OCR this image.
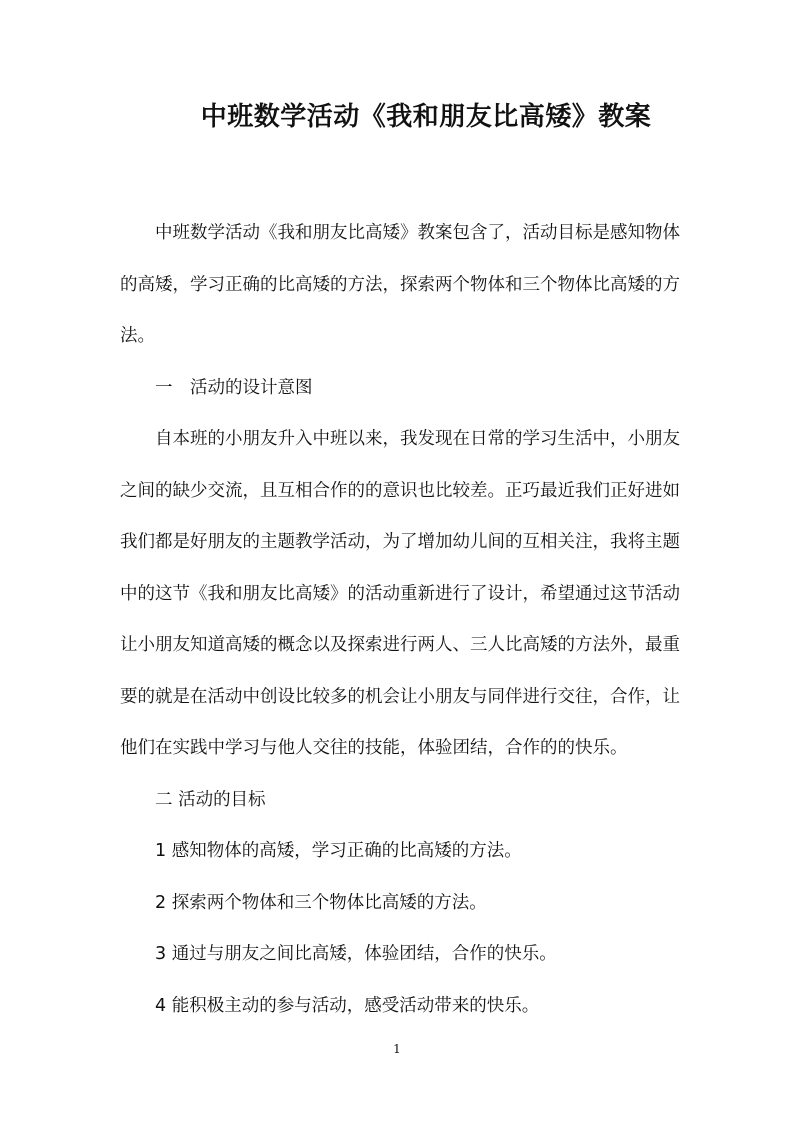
中班数学活动《我和朋友比高矮》教案

中班数学活动《我和朋友比高矮》教案包含了，活动目标是感知物体的高矮，学习正确的比高矮的方法，探索两个物体和三个物体比高矮的方法。

一　活动的设计意图

自本班的小朋友升入中班以来，我发现在日常的学习生活中，小朋友之间的缺少交流，且互相合作的的意识也比较差。正巧最近我们正好进如我们都是好朋友的主题教学活动，为了增加幼儿间的互相关注，我将主题中的这节《我和朋友比高矮》的活动重新进行了设计，希望通过这节活动让小朋友知道高矮的概念以及探索进行两人、三人比高矮的方法外，最重要的就是在活动中创设比较多的机会让小朋友与同伴进行交往，合作，让他们在实践中学习与他人交往的技能，体验团结，合作的的快乐。

二 活动的目标

1 感知物体的高矮，学习正确的比高矮的方法。

2 探索两个物体和三个物体比高矮的方法。

3 通过与朋友之间比高矮，体验团结，合作的快乐。

4 能积极主动的参与活动，感受活动带来的快乐。

1
